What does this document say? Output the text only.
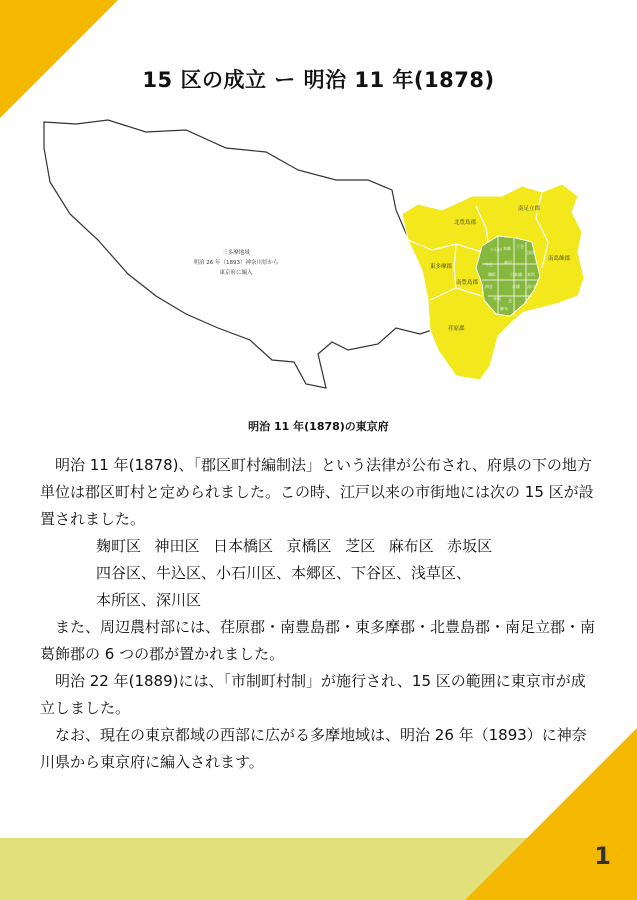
1
15 区の成立 ー 明治 11 年(1878)
北豊島郡
南足立郡
南葛飾郡
東多摩郡
南豊島郡
荏原郡
小石川 本郷 下谷
浅草
牛込	神田
麹町	日本橋 本所
四谷	京橋 深川
赤坂 芝
麻布
三多摩地域
明治 26 年（1893）神奈川県から
東京府に編入
明治 11 年(1878)の東京府

明治 11 年(1878)、「郡区町村編制法」という法律が公布され、府県の下の地方単位は郡区町村と定められました。この時、江戸以来の市街地には次の 15 区が設置されました。

麹町区 神田区 日本橋区 京橋区 芝区 麻布区 赤坂区

四谷区、牛込区、小石川区、本郷区、下谷区、浅草区、

本所区、深川区

また、周辺農村部には、荏原郡・南豊島郡・東多摩郡・北豊島郡・南足立郡・南葛飾郡の 6 つの郡が置かれました。

明治 22 年(1889)には、「市制町村制」が施行され、15 区の範囲に東京市が成立しました。

なお、現在の東京都域の西部に広がる多摩地域は、明治 26 年（1893）に神奈川県から東京府に編入されます。
